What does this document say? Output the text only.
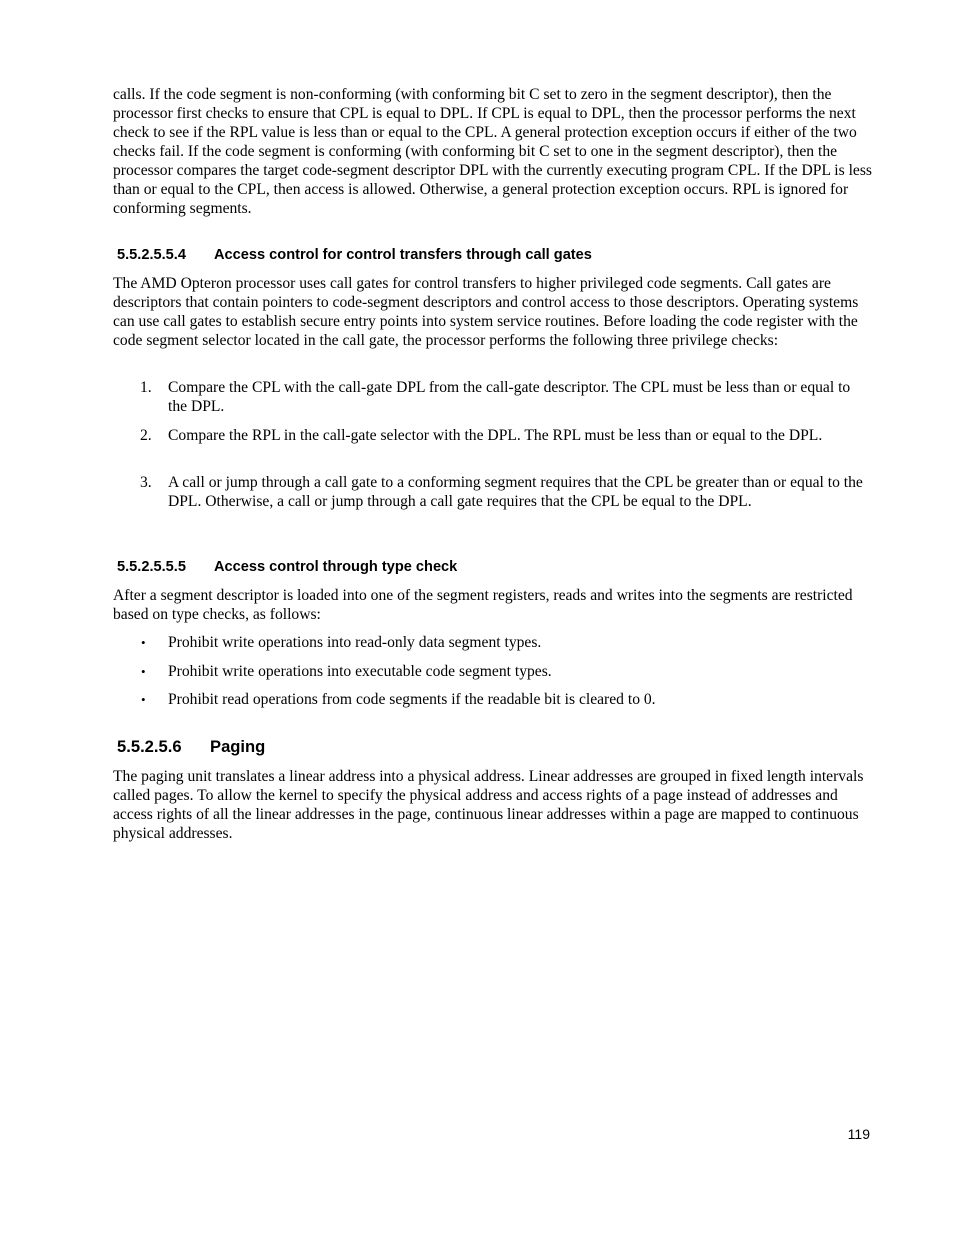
calls. If the code segment is non-conforming (with conforming bit C set to zero in the segment descriptor), then the processor first checks to ensure that CPL is equal to DPL. If CPL is equal to DPL, then the processor performs the next check to see if the RPL value is less than or equal to the CPL. A general protection exception occurs if either of the two checks fail. If the code segment is conforming (with conforming bit C set to one in the segment descriptor), then the processor compares the target code-segment descriptor DPL with the currently executing program CPL. If the DPL is less than or equal to the CPL, then access is allowed. Otherwise, a general protection exception occurs. RPL is ignored for conforming segments.

5.5.2.5.5.4 Access control for control transfers through call gates

The AMD Opteron processor uses call gates for control transfers to higher privileged code segments. Call gates are descriptors that contain pointers to code-segment descriptors and control access to those descriptors. Operating systems can use call gates to establish secure entry points into system service routines. Before loading the code register with the code segment selector located in the call gate, the processor performs the following three privilege checks:

1. Compare the CPL with the call-gate DPL from the call-gate descriptor. The CPL must be less than or equal to the DPL.
2. Compare the RPL in the call-gate selector with the DPL. The RPL must be less than or equal to the DPL.
3. A call or jump through a call gate to a conforming segment requires that the CPL be greater than or equal to the DPL. Otherwise, a call or jump through a call gate requires that the CPL be equal to the DPL.
5.5.2.5.5.5 Access control through type check

After a segment descriptor is loaded into one of the segment registers, reads and writes into the segments are restricted based on type checks, as follows:

• Prohibit write operations into read-only data segment types.
• Prohibit write operations into executable code segment types.
• Prohibit read operations from code segments if the readable bit is cleared to 0.
5.5.2.5.6 Paging

The paging unit translates a linear address into a physical address. Linear addresses are grouped in fixed length intervals called pages. To allow the kernel to specify the physical address and access rights of a page instead of addresses and access rights of all the linear addresses in the page, continuous linear addresses within a page are mapped to continuous physical addresses.

119
